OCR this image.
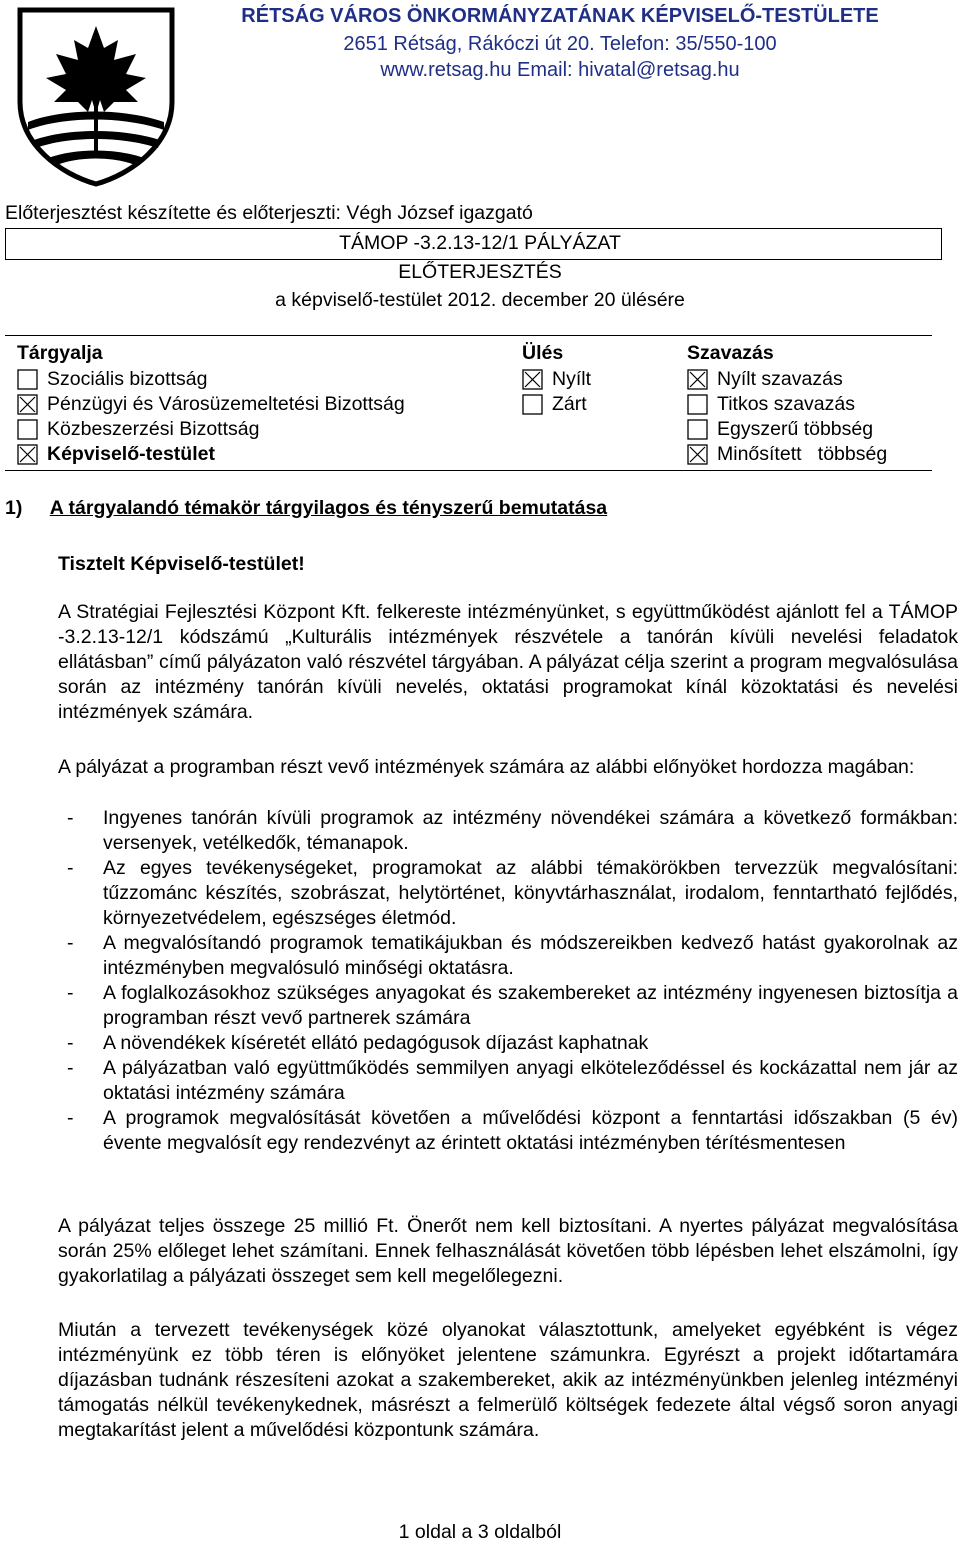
RÉTSÁG VÁROS ÖNKORMÁNYZATÁNAK KÉPVISELŐ-TESTÜLETE
2651 Rétság, Rákóczi út 20. Telefon: 35/550-100
www.retsag.hu Email: hivatal@retsag.hu
Előterjesztést készítette és előterjeszti: Végh József igazgató
TÁMOP -3.2.13-12/1 PÁLYÁZAT
ELŐTERJESZTÉS
a képviselő-testület 2012. december 20 ülésére
Tárgyalja	Ülés	Szavazás
Szociális bizottság
Pénzügyi és Városüzemeltetési Bizottság
Közbeszerzési Bizottság
Képviselő-testület
Nyílt
Zárt
Nyílt szavazás
Titkos szavazás
Egyszerű többség
Minősített   többség
1) A tárgyalandó témakör tárgyilagos és tényszerű bemutatása
Tisztelt Képviselő-testület!
A Stratégiai Fejlesztési Központ Kft. felkereste intézményünket, s együttműködést ajánlott fel a TÁMOP -3.2.13-12/1 kódszámú „Kulturális intézmények részvétele a tanórán kívüli nevelési feladatok ellátásban” című pályázaton való részvétel tárgyában. A pályázat célja szerint a program megvalósulása során az intézmény tanórán kívüli nevelés, oktatási programokat kínál közoktatási és nevelési intézmények számára.
A pályázat a programban részt vevő intézmények számára az alábbi előnyöket hordozza magában:
- Ingyenes tanórán kívüli programok az intézmény növendékei számára a következő formákban: versenyek, vetélkedők, témanapok.
- Az egyes tevékenységeket, programokat az alábbi témakörökben tervezzük megvalósítani: tűzzománc készítés, szobrászat, helytörténet, könyvtárhasználat, irodalom, fenntartható fejlődés, környezetvédelem, egészséges életmód.
- A megvalósítandó programok tematikájukban és módszereikben kedvező hatást gyakorolnak az intézményben megvalósuló minőségi oktatásra.
- A foglalkozásokhoz szükséges anyagokat és szakembereket az intézmény ingyenesen biztosítja a programban részt vevő partnerek számára
- A növendékek kíséretét ellátó pedagógusok díjazást kaphatnak
- A pályázatban való együttműködés semmilyen anyagi elköteleződéssel és kockázattal nem jár az oktatási intézmény számára
- A programok megvalósítását követően a művelődési központ a fenntartási időszakban (5 év) évente megvalósít egy rendezvényt az érintett oktatási intézményben térítésmentesen
A pályázat teljes összege 25 millió Ft. Önerőt nem kell biztosítani. A nyertes pályázat megvalósítása során 25% előleget lehet számítani. Ennek felhasználását követően több lépésben lehet elszámolni, így gyakorlatilag a pályázati összeget sem kell megelőlegezni.
Miután a tervezett tevékenységek közé olyanokat választottunk, amelyeket egyébként is végez intézményünk ez több téren is előnyöket jelentene számunkra. Egyrészt a projekt időtartamára díjazásban tudnánk részesíteni azokat a szakembereket, akik az intézményünkben jelenleg intézményi támogatás nélkül tevékenykednek, másrészt a felmerülő költségek fedezete által végső soron anyagi megtakarítást jelent a művelődési központunk számára.
1 oldal a 3 oldalból
